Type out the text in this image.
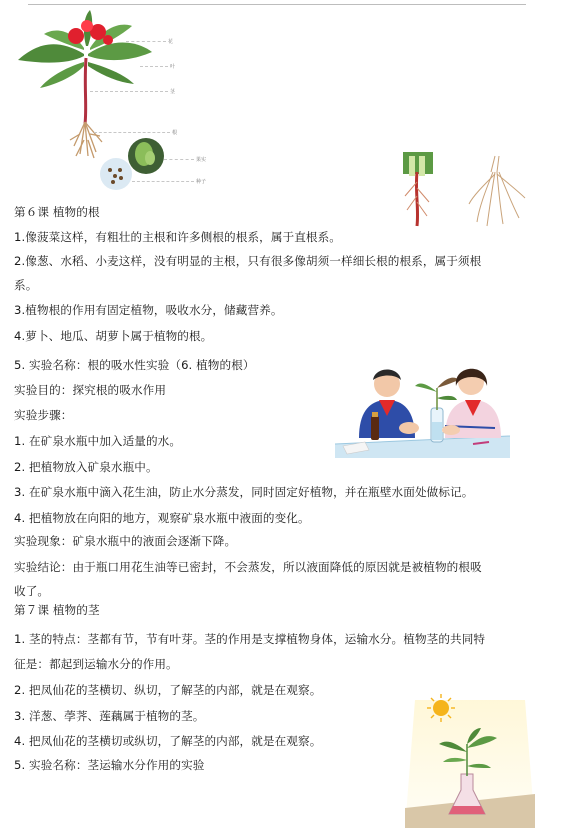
花
叶
茎
根
果实
种子
第６课 植物的根
1.像菠菜这样，有粗壮的主根和许多侧根的根系，属于直根系。
2.像葱、水稻、小麦这样，没有明显的主根，只有很多像胡须一样细长根的根系，属于须根
系。
3.植物根的作用有固定植物，吸收水分，储藏营养。
4.萝卜、地瓜、胡萝卜属于植物的根。
5. 实验名称：根的吸水性实验（6. 植物的根）
实验目的：探究根的吸水作用
实验步骤：
1. 在矿泉水瓶中加入适量的水。
2. 把植物放入矿泉水瓶中。
3. 在矿泉水瓶中滴入花生油，防止水分蒸发，同时固定好植物，并在瓶壁水面处做标记。
4. 把植物放在向阳的地方，观察矿泉水瓶中液面的变化。
实验现象：矿泉水瓶中的液面会逐渐下降。
实验结论：由于瓶口用花生油等已密封，不会蒸发，所以液面降低的原因就是被植物的根吸
收了。
第７课 植物的茎
1. 茎的特点：茎都有节，节有叶芽。茎的作用是支撑植物身体，运输水分。植物茎的共同特
征是：都起到运输水分的作用。
2. 把凤仙花的茎横切、纵切，了解茎的内部，就是在观察。
3. 洋葱、荸荠、莲藕属于植物的茎。
4. 把凤仙花的茎横切或纵切，了解茎的内部，就是在观察。
5. 实验名称：茎运输水分作用的实验
